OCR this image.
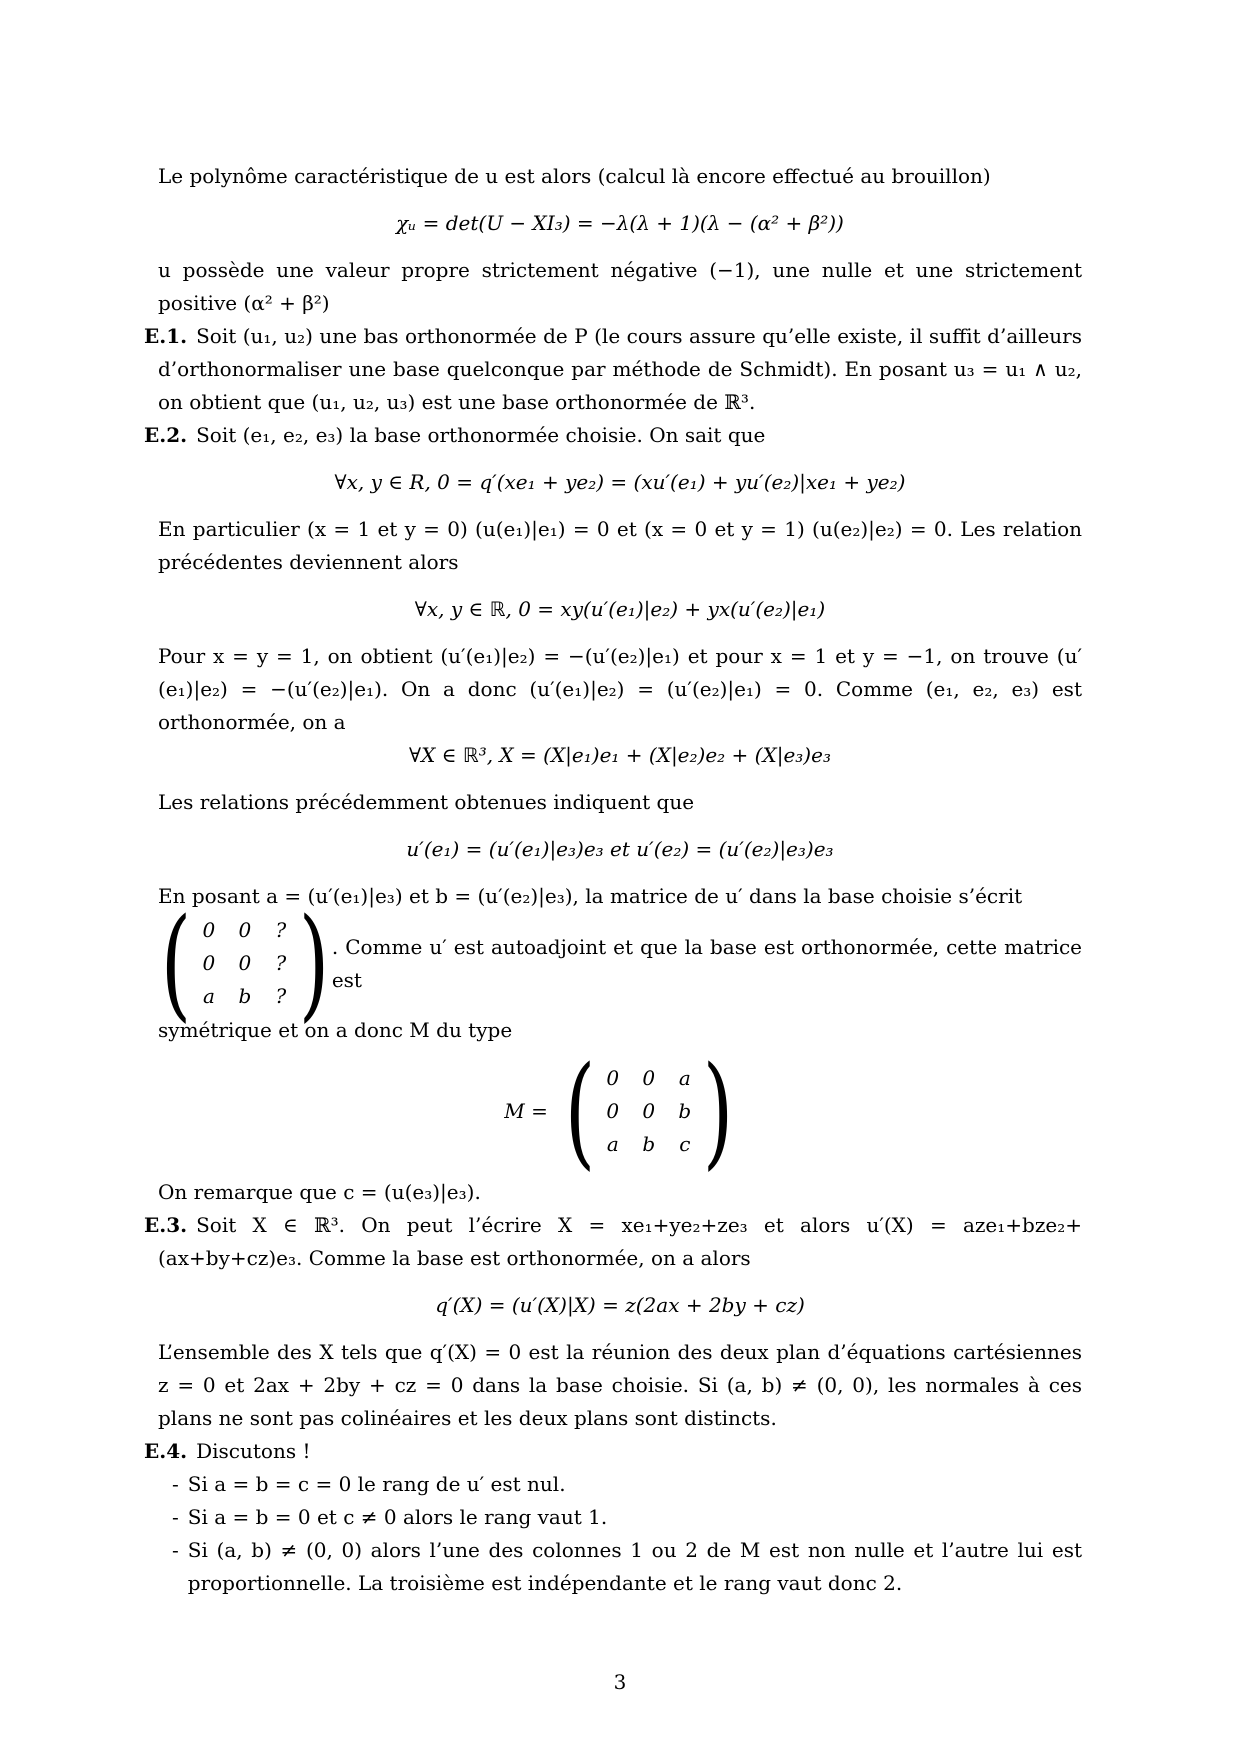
Le polynôme caractéristique de u est alors (calcul là encore effectué au brouillon)

χᵤ = det(U − XI₃) = −λ(λ + 1)(λ − (α² + β²))

u possède une valeur propre strictement négative (−1), une nulle et une strictement positive (α² + β²)

E.1. Soit (u₁, u₂) une bas orthonormée de P (le cours assure qu’elle existe, il suffit d’ailleurs d’orthonormaliser une base quelconque par méthode de Schmidt). En posant u₃ = u₁ ∧ u₂, on obtient que (u₁, u₂, u₃) est une base orthonormée de ℝ³.

E.2. Soit (e₁, e₂, e₃) la base orthonormée choisie. On sait que

∀x, y ∈ R, 0 = q′(xe₁ + ye₂) = (xu′(e₁) + yu′(e₂)|xe₁ + ye₂)

En particulier (x = 1 et y = 0) (u(e₁)|e₁) = 0 et (x = 0 et y = 1) (u(e₂)|e₂) = 0. Les relation précédentes deviennent alors

∀x, y ∈ ℝ, 0 = xy(u′(e₁)|e₂) + yx(u′(e₂)|e₁)

Pour x = y = 1, on obtient (u′(e₁)|e₂) = −(u′(e₂)|e₁) et pour x = 1 et y = −1, on trouve (u′(e₁)|e₂) = −(u′(e₂)|e₁). On a donc (u′(e₁)|e₂) = (u′(e₂)|e₁) = 0. Comme (e₁, e₂, e₃) est orthonormée, on a

∀X ∈ ℝ³, X = (X|e₁)e₁ + (X|e₂)e₂ + (X|e₃)e₃

Les relations précédemment obtenues indiquent que

u′(e₁) = (u′(e₁)|e₃)e₃ et u′(e₂) = (u′(e₂)|e₃)e₃

En posant a = (u′(e₁)|e₃) et b = (u′(e₂)|e₃), la matrice de u′ dans la base choisie s’écrit

( 0 0 ?
0 0 ?
a b ? ) . Comme u′ est autoadjoint et que la base est orthonormée, cette matrice est

symétrique et on a donc M du type

M = ( 0 0 a
0 0 b
a b c )

On remarque que c = (u(e₃)|e₃).

E.3. Soit X ∈ ℝ³. On peut l’écrire X = xe₁+ye₂+ze₃ et alors u′(X) = aze₁+bze₂+(ax+by+cz)e₃. Comme la base est orthonormée, on a alors

q′(X) = (u′(X)|X) = z(2ax + 2by + cz)

L’ensemble des X tels que q′(X) = 0 est la réunion des deux plan d’équations cartésiennes z = 0 et 2ax + 2by + cz = 0 dans la base choisie. Si (a, b) ≠ (0, 0), les normales à ces plans ne sont pas colinéaires et les deux plans sont distincts.

E.4. Discutons !

- Si a = b = c = 0 le rang de u′ est nul.

- Si a = b = 0 et c ≠ 0 alors le rang vaut 1.

- Si (a, b) ≠ (0, 0) alors l’une des colonnes 1 ou 2 de M est non nulle et l’autre lui est proportionnelle. La troisième est indépendante et le rang vaut donc 2.

3
